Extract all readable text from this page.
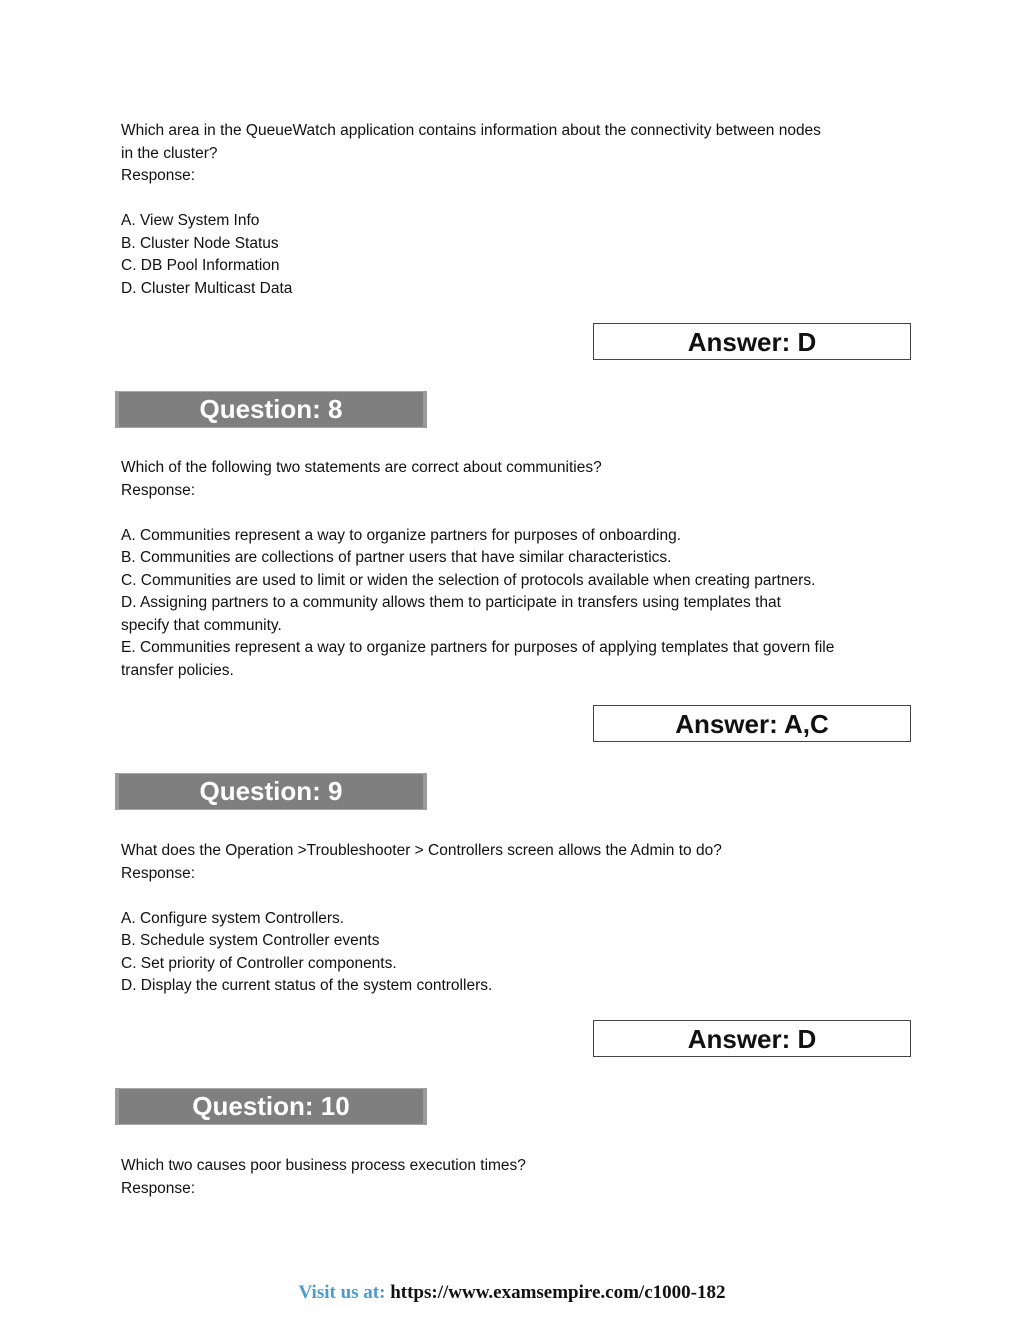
Which area in the QueueWatch application contains information about the connectivity between nodes
in the cluster?
Response:
A. View System Info
B. Cluster Node Status
C. DB Pool Information
D. Cluster Multicast Data
Answer: D
Question: 8
Which of the following two statements are correct about communities?
Response:
A. Communities represent a way to organize partners for purposes of onboarding.
B. Communities are collections of partner users that have similar characteristics.
C. Communities are used to limit or widen the selection of protocols available when creating partners.
D. Assigning partners to a community allows them to participate in transfers using templates that
specify that community.
E. Communities represent a way to organize partners for purposes of applying templates that govern file
transfer policies.
Answer: A,C
Question: 9
What does the Operation >Troubleshooter > Controllers screen allows the Admin to do?
Response:
A. Configure system Controllers.
B. Schedule system Controller events
C. Set priority of Controller components.
D. Display the current status of the system controllers.
Answer: D
Question: 10
Which two causes poor business process execution times?
Response:
Visit us at: https://www.examsempire.com/c1000-182
